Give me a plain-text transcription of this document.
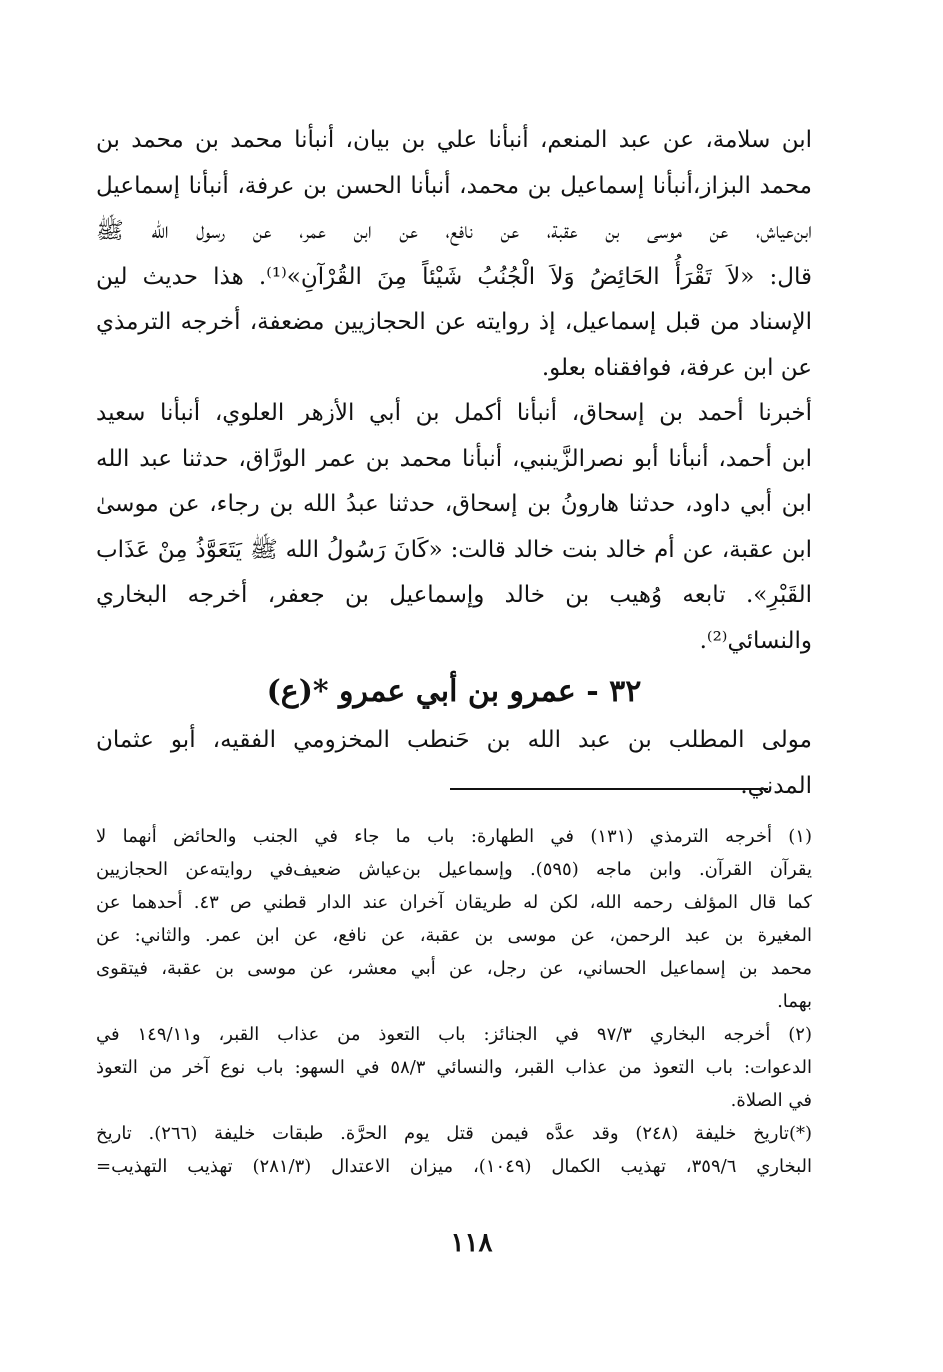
ابن سلامة، عن عبد المنعم، أنبأنا علي بن بيان، أنبأنا محمد بن محمد بن
محمد البزاز،أنبأنا إسماعيل بن محمد، أنبأنا الحسن بن عرفة، أنبأنا إسماعيل
ابن‌عياش، عن موسى بن عقبة، عن نافع، عن ابن عمر، عن رسول الله ﷺ
قال: «لاَ تَقْرَأُ الحَائِضُ وَلاَ الْجُنُبُ شَيْئاً مِنَ القُرْآنِ»⁽¹⁾. هذا حديث لين
الإسناد من قبل إسماعيل، إذ روايته عن الحجازيين مضعفة، أخرجه الترمذي
عن ابن عرفة، فوافقناه بعلو.
أخبرنا أحمد بن إسحاق، أنبأنا أكمل بن أبي الأزهر العلوي، أنبأنا سعيد
ابن أحمد، أنبأنا أبو نصرالزَّينبي، أنبأنا محمد بن عمر الورَّاق، حدثنا عبد الله
ابن أبي داود، حدثنا هارونُ بن إسحاق، حدثنا عبدُ الله بن رجاء، عن موسىٰ
ابن عقبة، عن أم خالد بنت خالد قالت: «كَانَ رَسُولُ الله ﷺ يَتَعَوَّذُ مِنْ عَذَاب
القَبْرِ». تابعه وُهيب بن خالد وإسماعيل بن جعفر، أخرجه البخاري
والنسائي⁽²⁾.
٣٢ - عمرو بن أبي عمرو *(ع)
مولى المطلب بن عبد الله بن حَنطب المخزومي الفقيه، أبو عثمان
المدني.
(١) أخرجه الترمذي (١٣١) في الطهارة: باب ما جاء في الجنب والحائض أنهما لا
يقرآن القرآن. وابن ماجه (٥٩٥). وإسماعيل بن‌عياش ضعيف‌في روايته‌عن الحجازيين
كما قال المؤلف رحمه الله، لكن له طريقان آخران عند الدار قطني ص ٤٣. أحدهما عن
المغيرة بن عبد الرحمن، عن موسى بن عقبة، عن نافع، عن ابن عمر. والثاني: عن
محمد بن إسماعيل الحساني، عن رجل، عن أبي معشر، عن موسى بن عقبة، فيتقوى
بهما.
(٢) أخرجه البخاري ٩٧/٣ في الجنائز: باب التعوذ من عذاب القبر، و١٤٩/١١ في
الدعوات: باب التعوذ من عذاب القبر، والنسائي ٥٨/٣ في السهو: باب نوع آخر من التعوذ
في الصلاة.
(*)تاريخ خليفة (٢٤٨) وقد عدَّه فيمن قتل يوم الحرَّة. طبقات خليفة (٢٦٦). تاريخ
البخاري ٣٥٩/٦، تهذيب الكمال (١٠٤٩)، ميزان الاعتدال (٢٨١/٣) تهذيب التهذيب=
١١٨
